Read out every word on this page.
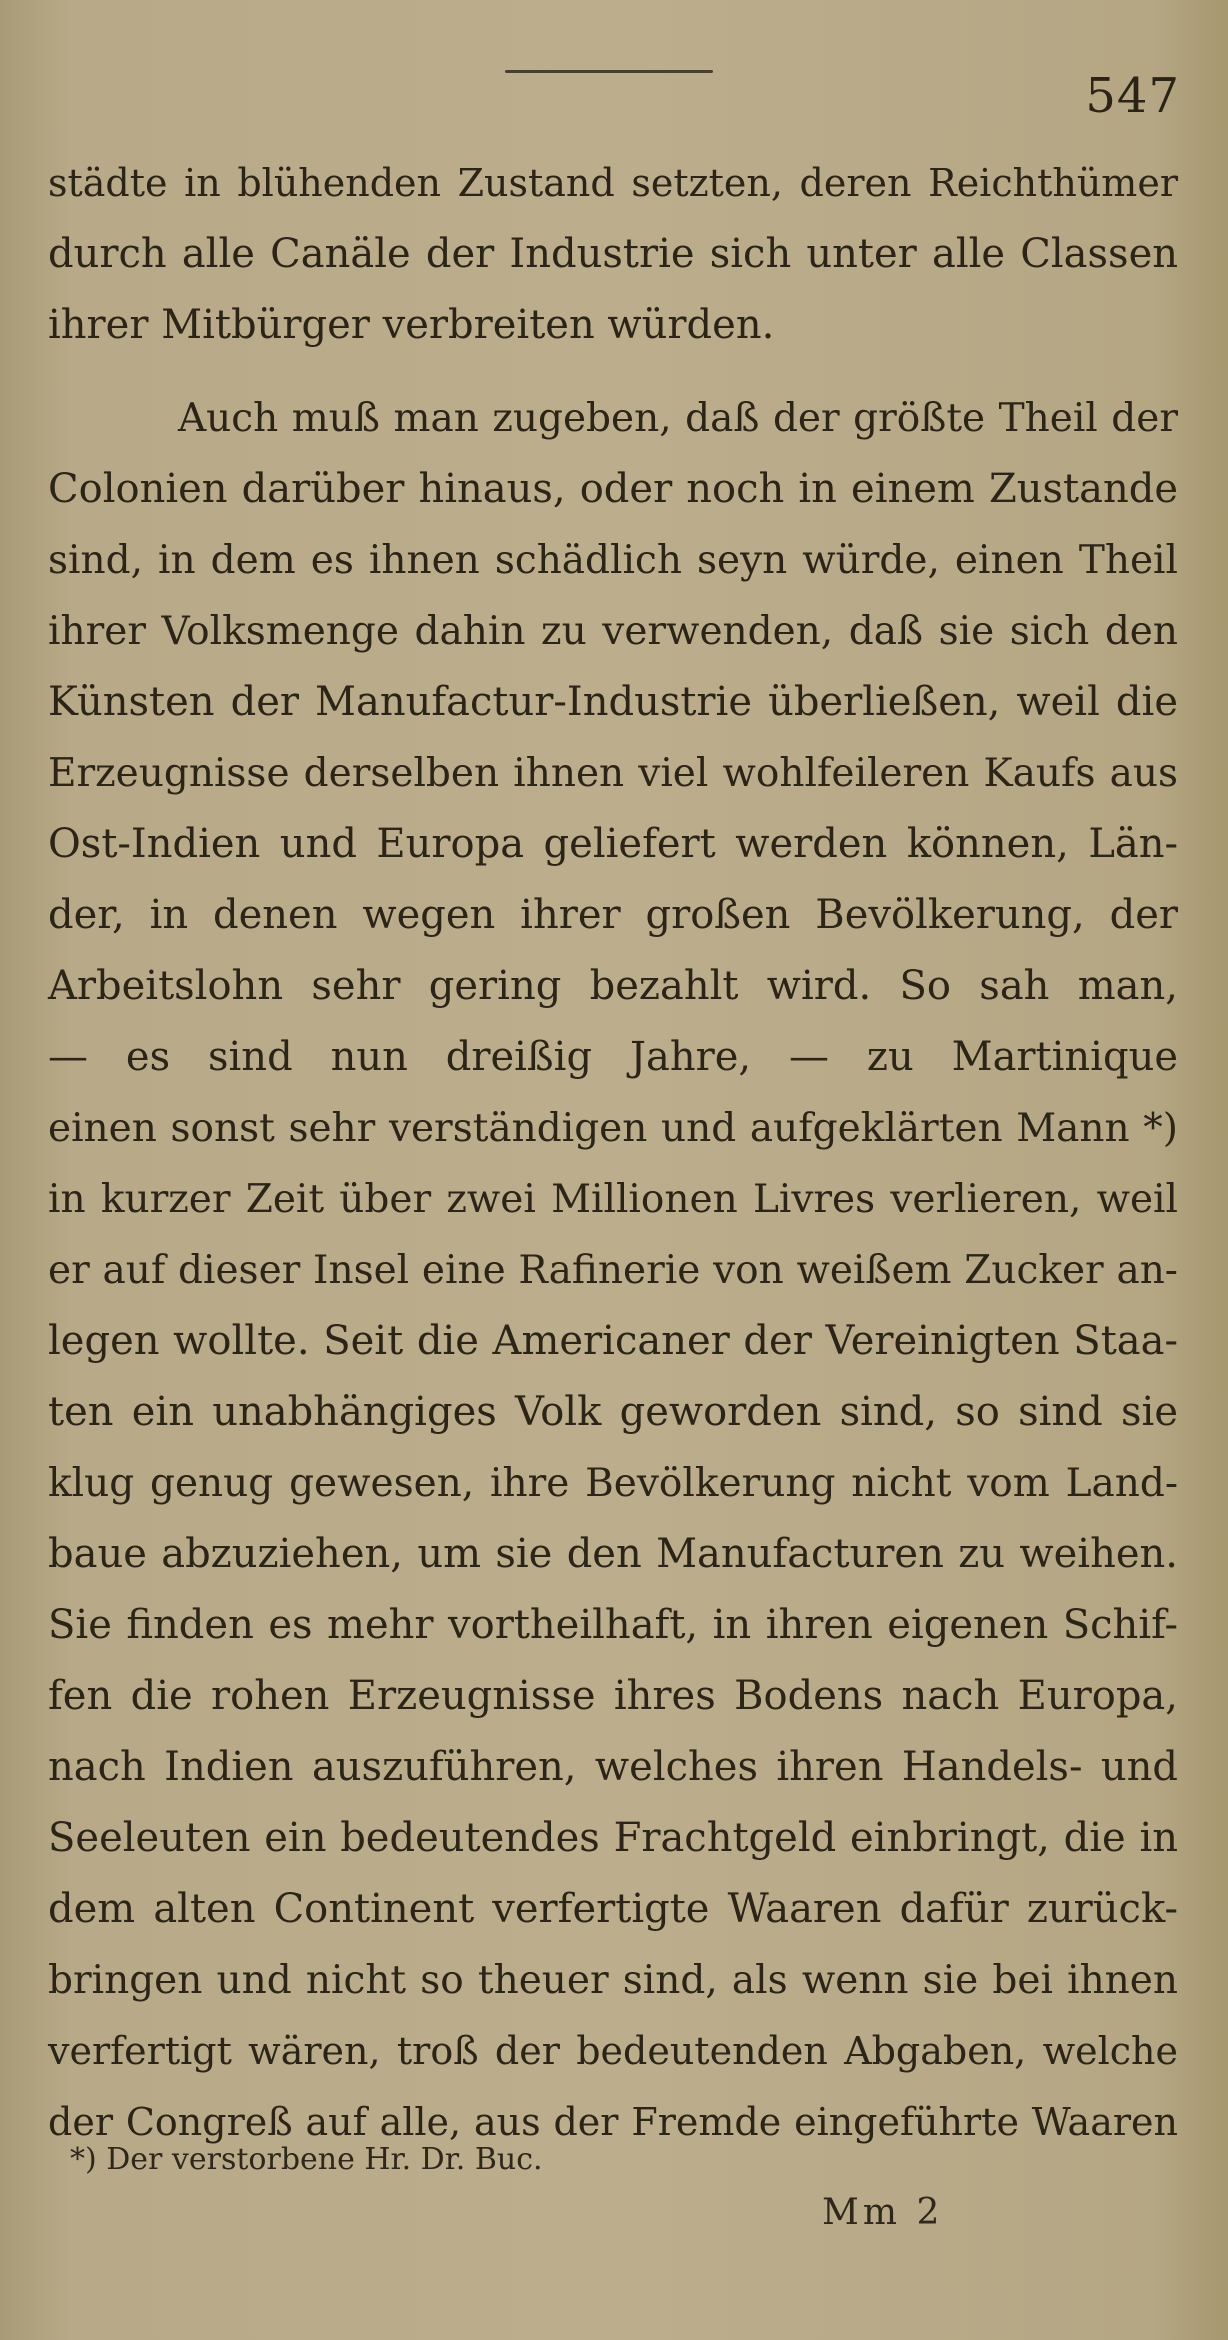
547
städte in blühenden Zustand setzten, deren Reichthümer
durch alle Canäle der Industrie sich unter alle Classen
ihrer Mitbürger verbreiten würden.
Auch muß man zugeben, daß der größte Theil der
Colonien darüber hinaus, oder noch in einem Zustande
sind, in dem es ihnen schädlich seyn würde, einen Theil
ihrer Volksmenge dahin zu verwenden, daß sie sich den
Künsten der Manufactur-Industrie überließen, weil die
Erzeugnisse derselben ihnen viel wohlfeileren Kaufs aus
Ost-Indien und Europa geliefert werden können, Län-
der, in denen wegen ihrer großen Bevölkerung, der
Arbeitslohn sehr gering bezahlt wird. So sah man,
— es sind nun dreißig Jahre, — zu Martinique
einen sonst sehr verständigen und aufgeklärten Mann *)
in kurzer Zeit über zwei Millionen Livres verlieren, weil
er auf dieser Insel eine Rafinerie von weißem Zucker an-
legen wollte. Seit die Americaner der Vereinigten Staa-
ten ein unabhängiges Volk geworden sind, so sind sie
klug genug gewesen, ihre Bevölkerung nicht vom Land-
baue abzuziehen, um sie den Manufacturen zu weihen.
Sie finden es mehr vortheilhaft, in ihren eigenen Schif-
fen die rohen Erzeugnisse ihres Bodens nach Europa,
nach Indien auszuführen, welches ihren Handels- und
Seeleuten ein bedeutendes Frachtgeld einbringt, die in
dem alten Continent verfertigte Waaren dafür zurück-
bringen und nicht so theuer sind, als wenn sie bei ihnen
verfertigt wären, troß der bedeutenden Abgaben, welche
der Congreß auf alle, aus der Fremde eingeführte Waaren
*) Der verstorbene Hr. Dr. Buc.
Mm 2
